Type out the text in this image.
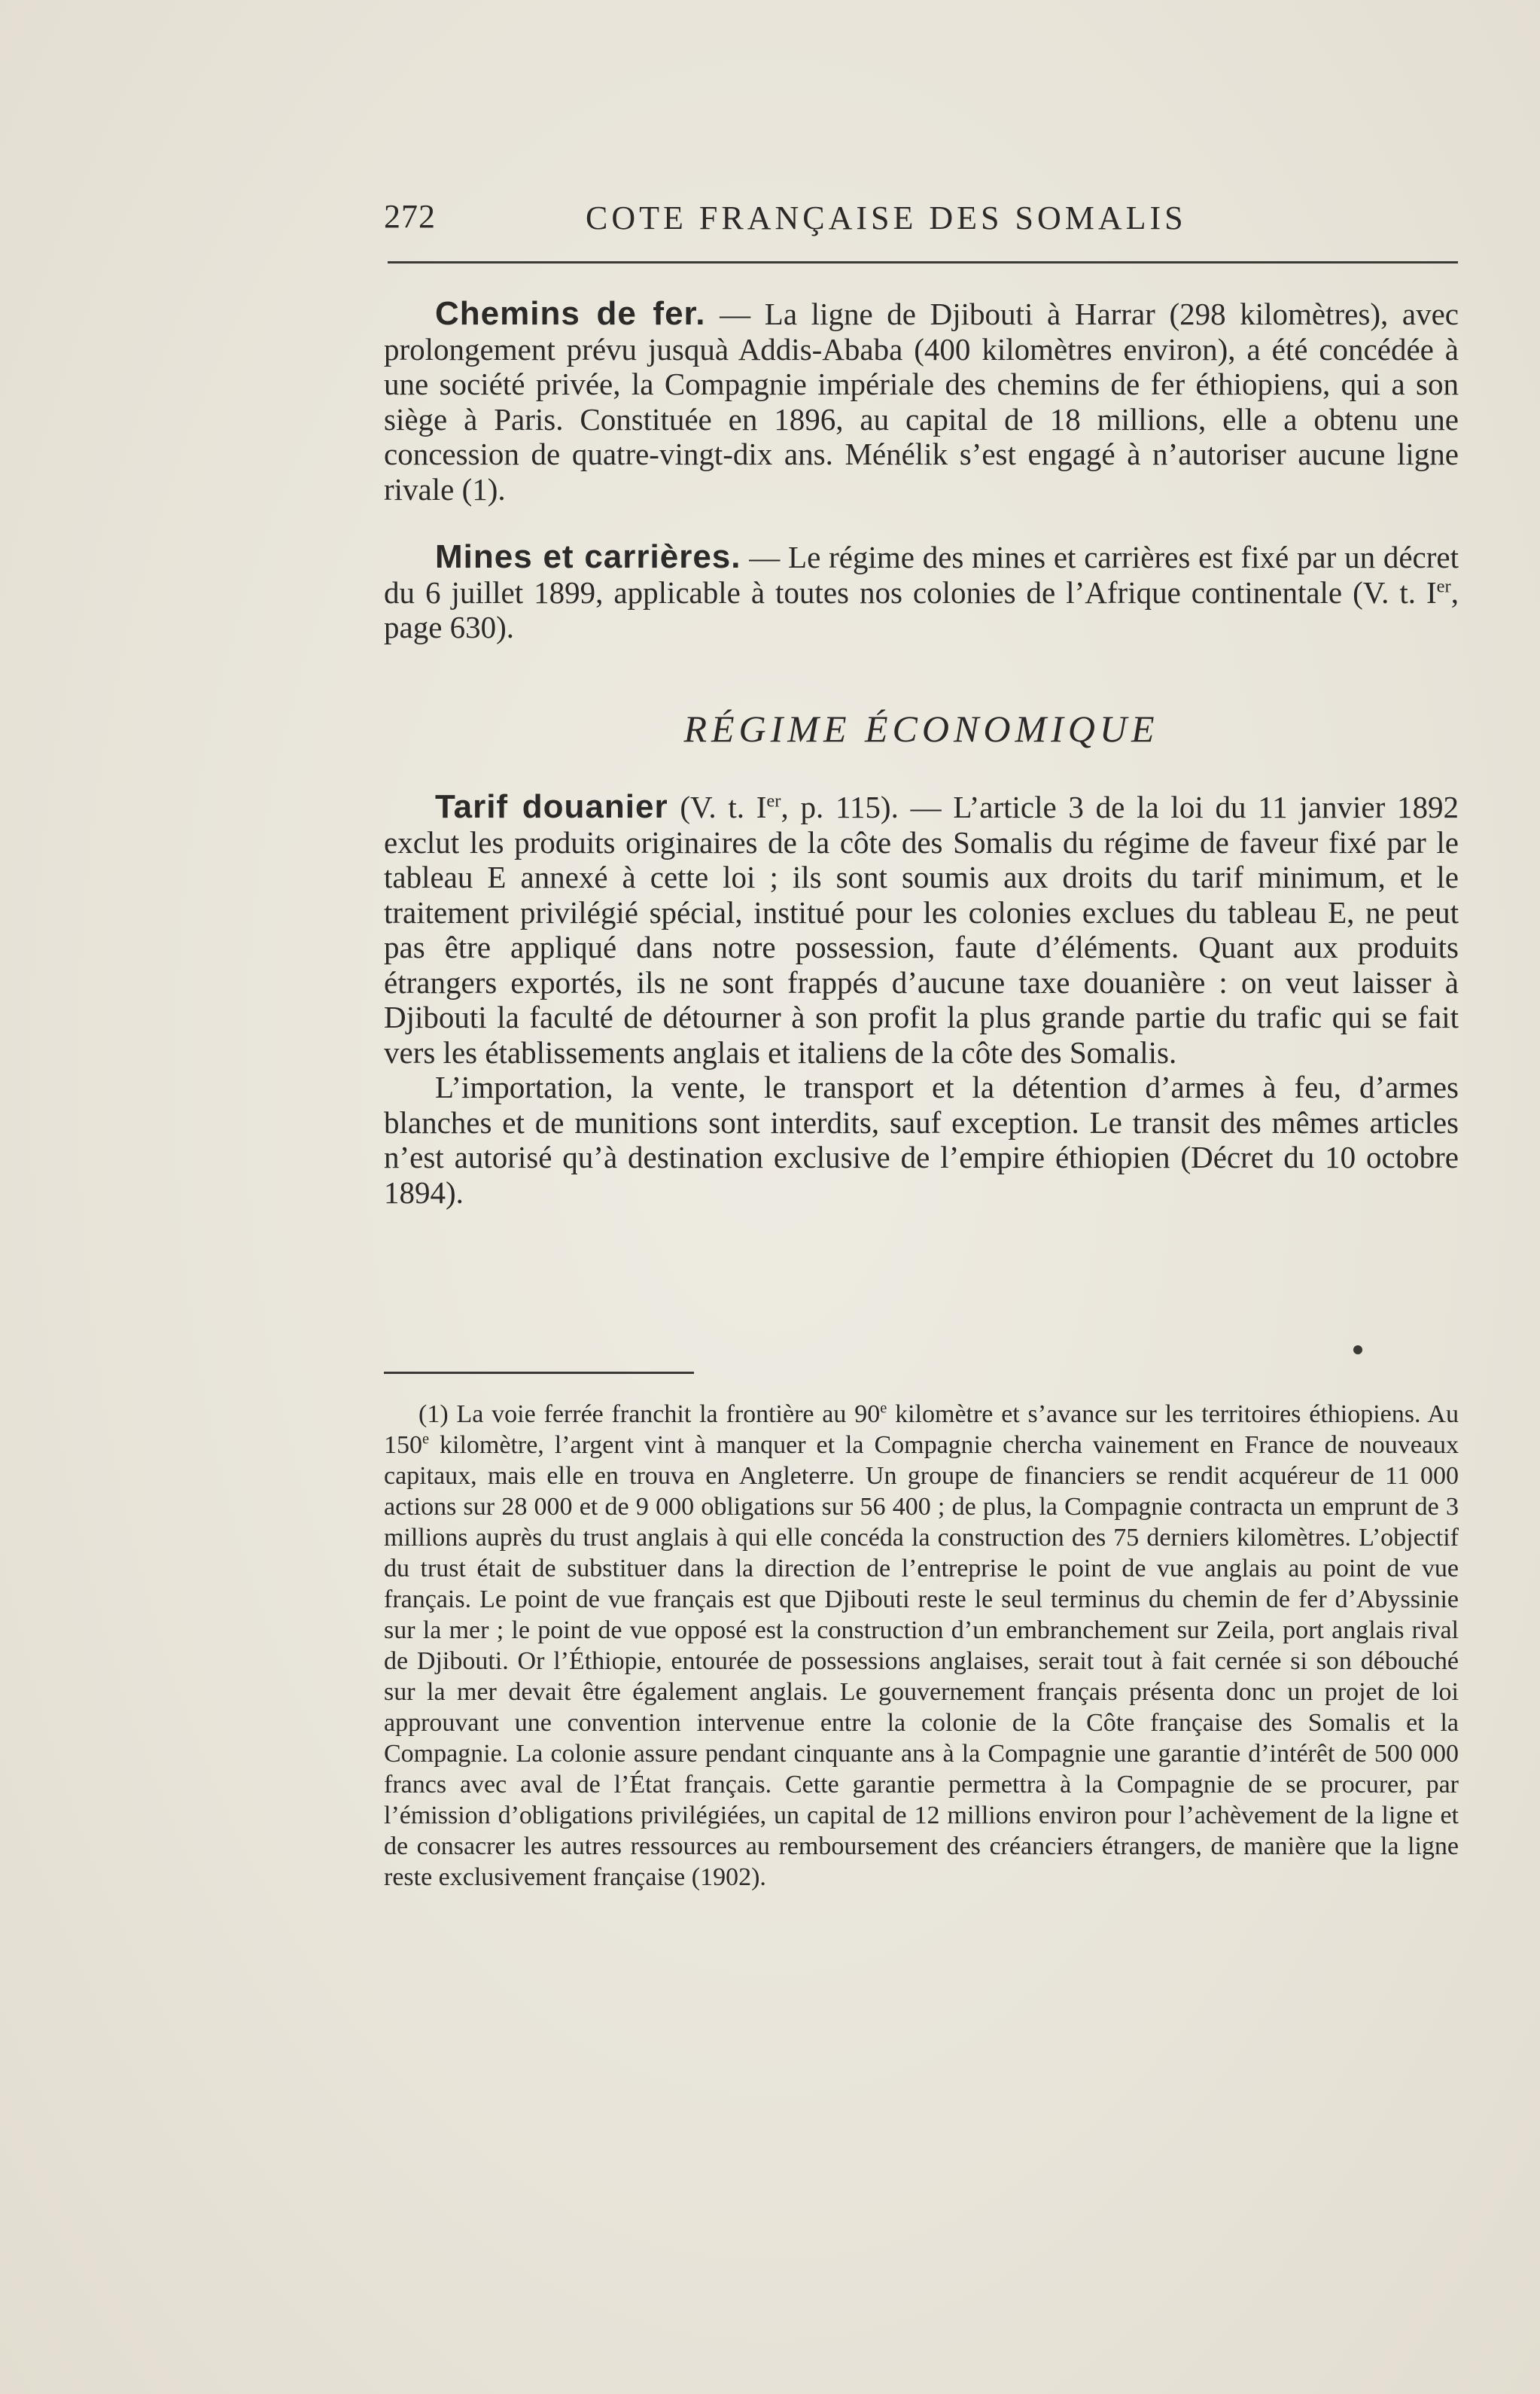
272	COTE FRANÇAISE DES SOMALIS

Chemins de fer. — La ligne de Djibouti à Harrar (298 kilomètres), avec prolongement prévu jusquà Addis-Ababa (400 kilomètres environ), a été concédée à une société privée, la Compagnie impériale des chemins de fer éthiopiens, qui a son siège à Paris. Constituée en 1896, au capital de 18 millions, elle a obtenu une concession de quatre-vingt-dix ans. Ménélik s’est engagé à n’autoriser aucune ligne rivale (1).

Mines et carrières. — Le régime des mines et carrières est fixé par un décret du 6 juillet 1899, applicable à toutes nos colonies de l’Afrique continentale (V. t. Ier, page 630).

RÉGIME ÉCONOMIQUE

Tarif douanier (V. t. Ier, p. 115). — L’article 3 de la loi du 11 janvier 1892 exclut les produits originaires de la côte des Somalis du régime de faveur fixé par le tableau E annexé à cette loi ; ils sont soumis aux droits du tarif minimum, et le traitement privilégié spécial, institué pour les colonies exclues du tableau E, ne peut pas être appliqué dans notre possession, faute d’éléments. Quant aux produits étrangers exportés, ils ne sont frappés d’aucune taxe douanière : on veut laisser à Djibouti la faculté de détourner à son profit la plus grande partie du trafic qui se fait vers les établissements anglais et italiens de la côte des Somalis.

L’importation, la vente, le transport et la détention d’armes à feu, d’armes blanches et de munitions sont interdits, sauf exception. Le transit des mêmes articles n’est autorisé qu’à destination exclusive de l’empire éthiopien (Décret du 10 octobre 1894).

(1) La voie ferrée franchit la frontière au 90e kilomètre et s’avance sur les territoires éthiopiens. Au 150e kilomètre, l’argent vint à manquer et la Compagnie chercha vainement en France de nouveaux capitaux, mais elle en trouva en Angleterre. Un groupe de financiers se rendit acquéreur de 11 000 actions sur 28 000 et de 9 000 obligations sur 56 400 ; de plus, la Compagnie contracta un emprunt de 3 millions auprès du trust anglais à qui elle concéda la construction des 75 derniers kilomètres. L’objectif du trust était de substituer dans la direction de l’entreprise le point de vue anglais au point de vue français. Le point de vue français est que Djibouti reste le seul terminus du chemin de fer d’Abyssinie sur la mer ; le point de vue opposé est la construction d’un embranchement sur Zeila, port anglais rival de Djibouti. Or l’Éthiopie, entourée de possessions anglaises, serait tout à fait cernée si son débouché sur la mer devait être également anglais. Le gouvernement français présenta donc un projet de loi approuvant une convention intervenue entre la colonie de la Côte française des Somalis et la Compagnie. La colonie assure pendant cinquante ans à la Compagnie une garantie d’intérêt de 500 000 francs avec aval de l’État français. Cette garantie permettra à la Compagnie de se procurer, par l’émission d’obligations privilégiées, un capital de 12 millions environ pour l’achèvement de la ligne et de consacrer les autres ressources au remboursement des créanciers étrangers, de manière que la ligne reste exclusivement française (1902).
